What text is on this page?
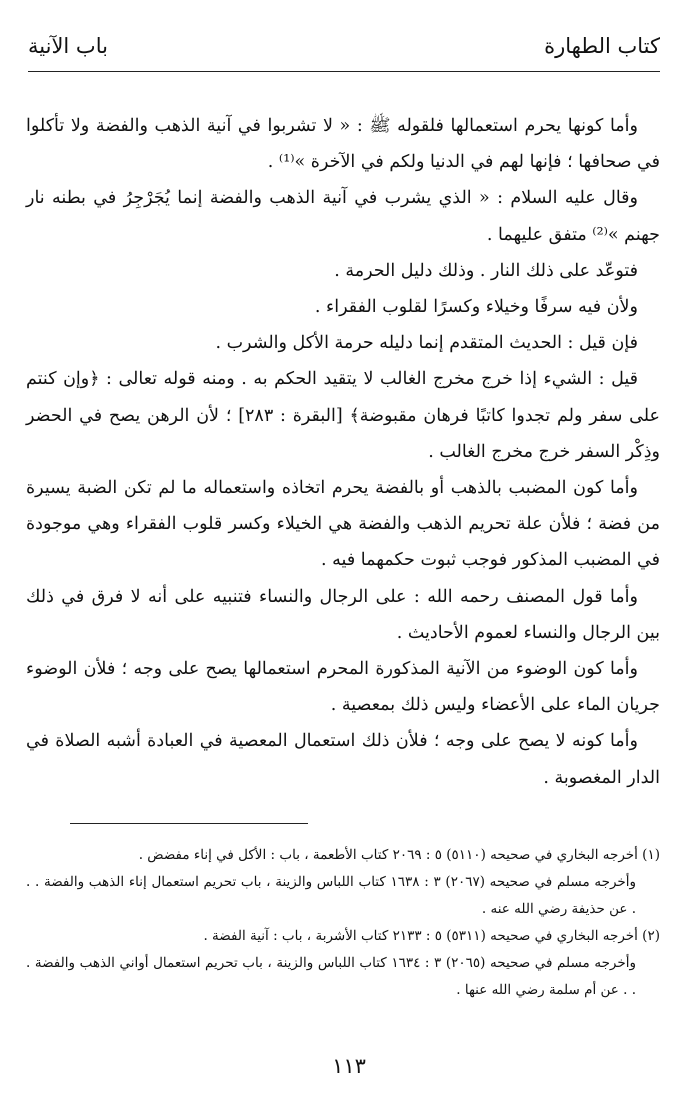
كتاب الطهارة
باب الآنية

وأما كونها يحرم استعمالها فلقوله ﷺ : « لا تشربوا في آنية الذهب والفضة ولا تأكلوا في صحافها ؛ فإنها لهم في الدنيا ولكم في الآخرة »⁽¹⁾ .

وقال عليه السلام : « الذي يشرب في آنية الذهب والفضة إنما يُجَرْجِرُ في بطنه نار جهنم »⁽²⁾ متفق عليهما .

فتوعّد على ذلك النار . وذلك دليل الحرمة .

ولأن فيه سرفًا وخيلاء وكسرًا لقلوب الفقراء .

فإن قيل : الحديث المتقدم إنما دليله حرمة الأكل والشرب .

قيل : الشيء إذا خرج مخرج الغالب لا يتقيد الحكم به . ومنه قوله تعالى : ﴿وإن كنتم على سفر ولم تجدوا كاتبًا فرهان مقبوضة﴾ [البقرة : ٢٨٣] ؛ لأن الرهن يصح في الحضر وذِكْر السفر خرج مخرج الغالب .

وأما كون المضبب بالذهب أو بالفضة يحرم اتخاذه واستعماله ما لم تكن الضبة يسيرة من فضة ؛ فلأن علة تحريم الذهب والفضة هي الخيلاء وكسر قلوب الفقراء وهي موجودة في المضبب المذكور فوجب ثبوت حكمهما فيه .

وأما قول المصنف رحمه الله : على الرجال والنساء فتنبيه على أنه لا فرق في ذلك بين الرجال والنساء لعموم الأحاديث .

وأما كون الوضوء من الآنية المذكورة المحرم استعمالها يصح على وجه ؛ فلأن الوضوء جريان الماء على الأعضاء وليس ذلك بمعصية .

وأما كونه لا يصح على وجه ؛ فلأن ذلك استعمال المعصية في العبادة أشبه الصلاة في الدار المغصوبة .

(١) أخرجه البخاري في صحيحه (٥١١٠) ٥ : ٢٠٦٩ كتاب الأطعمة ، باب : الأكل في إناء مفضض .

وأخرجه مسلم في صحيحه (٢٠٦٧) ٣ : ١٦٣٨ كتاب اللباس والزينة ، باب تحريم استعمال إناء الذهب والفضة . . . عن حذيفة رضي الله عنه .

(٢) أخرجه البخاري في صحيحه (٥٣١١) ٥ : ٢١٣٣ كتاب الأشربة ، باب : آنية الفضة .

وأخرجه مسلم في صحيحه (٢٠٦٥) ٣ : ١٦٣٤ كتاب اللباس والزينة ، باب تحريم استعمال أواني الذهب والفضة . . . عن أم سلمة رضي الله عنها .

١١٣
